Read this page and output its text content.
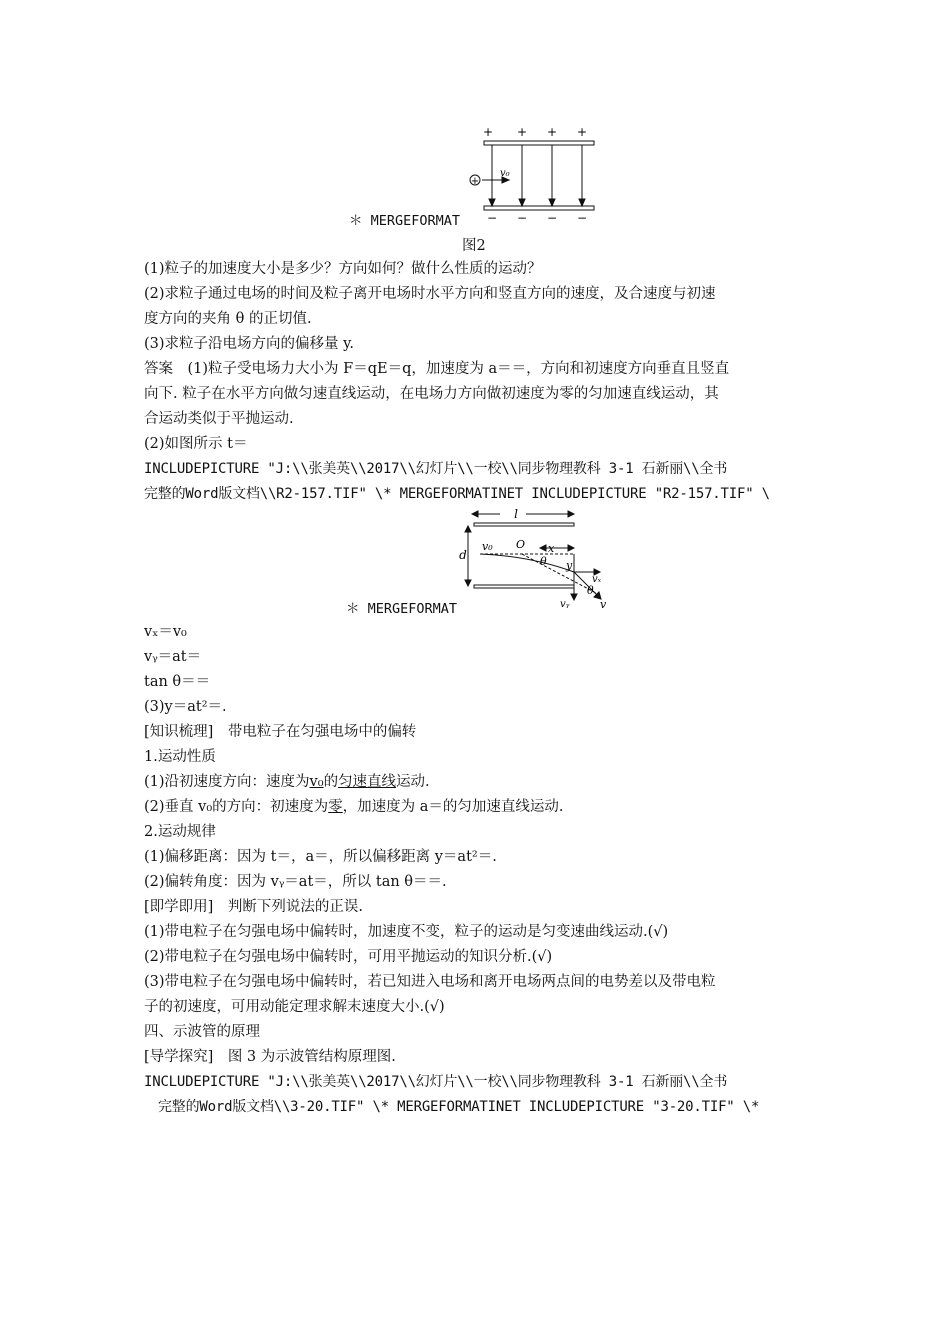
+ + + +
+
v₀
− − − −
＊ MERGEFORMAT
图2
(1)粒子的加速度大小是多少？方向如何？做什么性质的运动？
(2)求粒子通过电场的时间及粒子离开电场时水平方向和竖直方向的速度，及合速度与初速
度方向的夹角 θ 的正切值.
(3)求粒子沿电场方向的偏移量 y.
答案　(1)粒子受电场力大小为 F＝qE＝q，加速度为 a＝＝，方向和初速度方向垂直且竖直
向下. 粒子在水平方向做匀速直线运动，在电场力方向做初速度为零的匀加速直线运动，其
合运动类似于平抛运动.
(2)如图所示 t＝
INCLUDEPICTURE "J:\\张美英\\2017\\幻灯片\\一校\\同步物理教科 3-1 石新丽\\全书
完整的Word版文档\\R2-157.TIF" \* MERGEFORMATINET INCLUDEPICTURE "R2-157.TIF" \
l
d
v₀ O x
θ y
vₓ
θ
vᵧ	v
＊ MERGEFORMAT
vₓ＝v₀
vᵧ＝at＝
tan θ＝＝
(3)y＝at²＝.
[知识梳理]　带电粒子在匀强电场中的偏转
1.运动性质
(1)沿初速度方向：速度为v₀的匀速直线运动.
(2)垂直 v₀的方向：初速度为零，加速度为 a＝的匀加速直线运动.
2.运动规律
(1)偏移距离：因为 t＝，a＝，所以偏移距离 y＝at²＝.
(2)偏转角度：因为 vᵧ＝at＝，所以 tan θ＝＝.
[即学即用]　判断下列说法的正误.
(1)带电粒子在匀强电场中偏转时，加速度不变，粒子的运动是匀变速曲线运动.(√)
(2)带电粒子在匀强电场中偏转时，可用平抛运动的知识分析.(√)
(3)带电粒子在匀强电场中偏转时，若已知进入电场和离开电场两点间的电势差以及带电粒
子的初速度，可用动能定理求解末速度大小.(√)
四、示波管的原理
[导学探究]　图 3 为示波管结构原理图.
INCLUDEPICTURE "J:\\张美英\\2017\\幻灯片\\一校\\同步物理教科 3-1 石新丽\\全书
完整的Word版文档\\3-20.TIF" \* MERGEFORMATINET INCLUDEPICTURE "3-20.TIF" \*
